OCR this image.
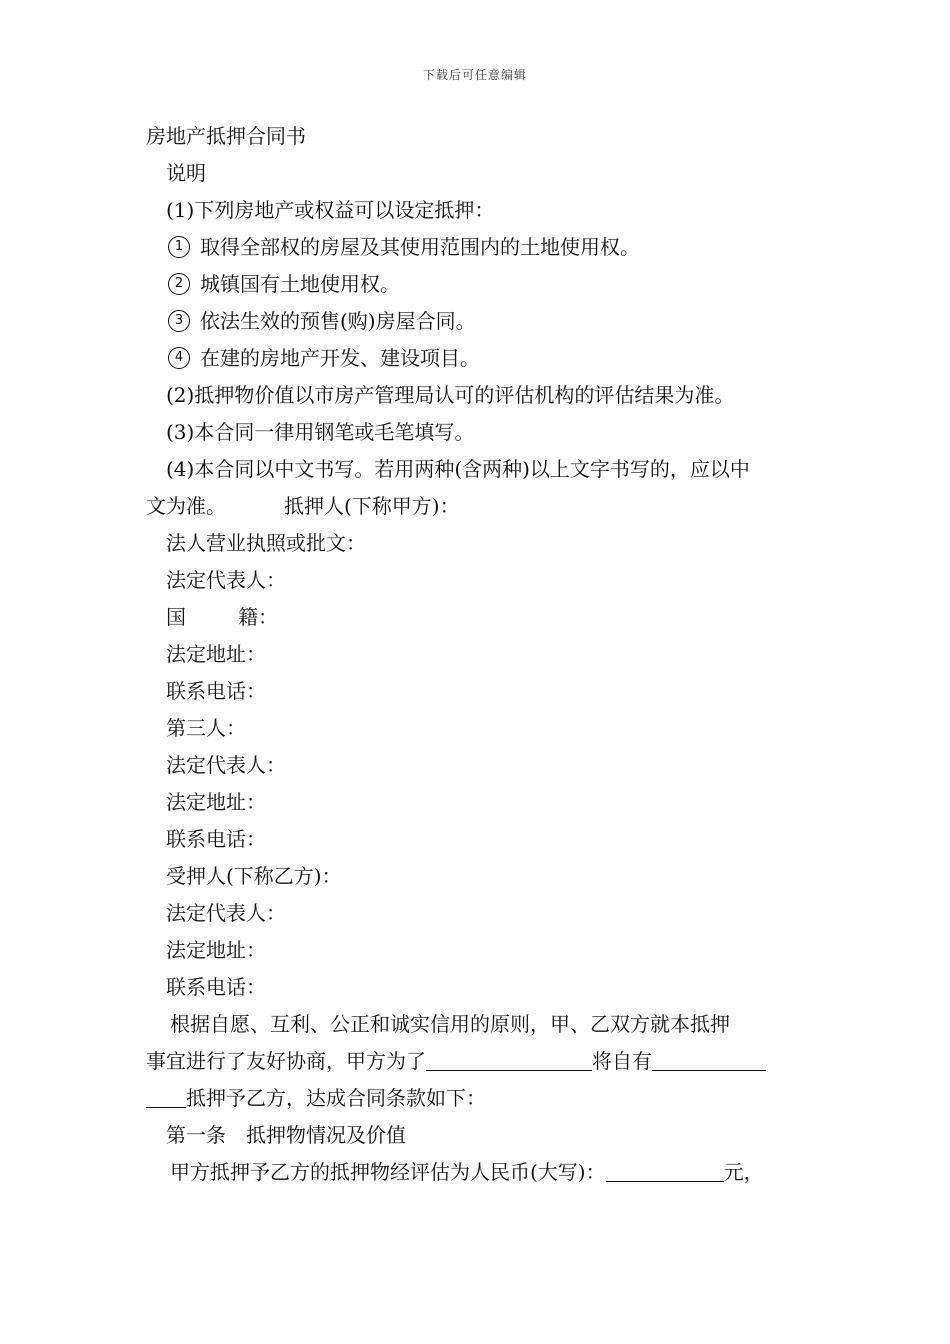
下载后可任意编辑
房地产抵押合同书
说明
(1)下列房地产或权益可以设定抵押：
1 取得全部权的房屋及其使用范围内的土地使用权。
2 城镇国有土地使用权。
3 依法生效的预售(购)房屋合同。
4 在建的房地产开发、建设项目。
(2)抵押物价值以市房产管理局认可的评估机构的评估结果为准。
(3)本合同一律用钢笔或毛笔填写。
(4)本合同以中文书写。若用两种(含两种)以上文字书写的，应以中
文为准。	抵押人(下称甲方)：
法人营业执照或批文：
法定代表人：
国	籍：
法定地址：
联系电话：
第三人：
法定代表人：
法定地址：
联系电话：
受押人(下称乙方)：
法定代表人：
法定地址：
联系电话：
根据自愿、互利、公正和诚实信用的原则，甲、乙双方就本抵押
事宜进行了友好协商，甲方为了	将自有
抵押予乙方，达成合同条款如下：
第一条　抵押物情况及价值
甲方抵押予乙方的抵押物经评估为人民币(大写)：	元，
